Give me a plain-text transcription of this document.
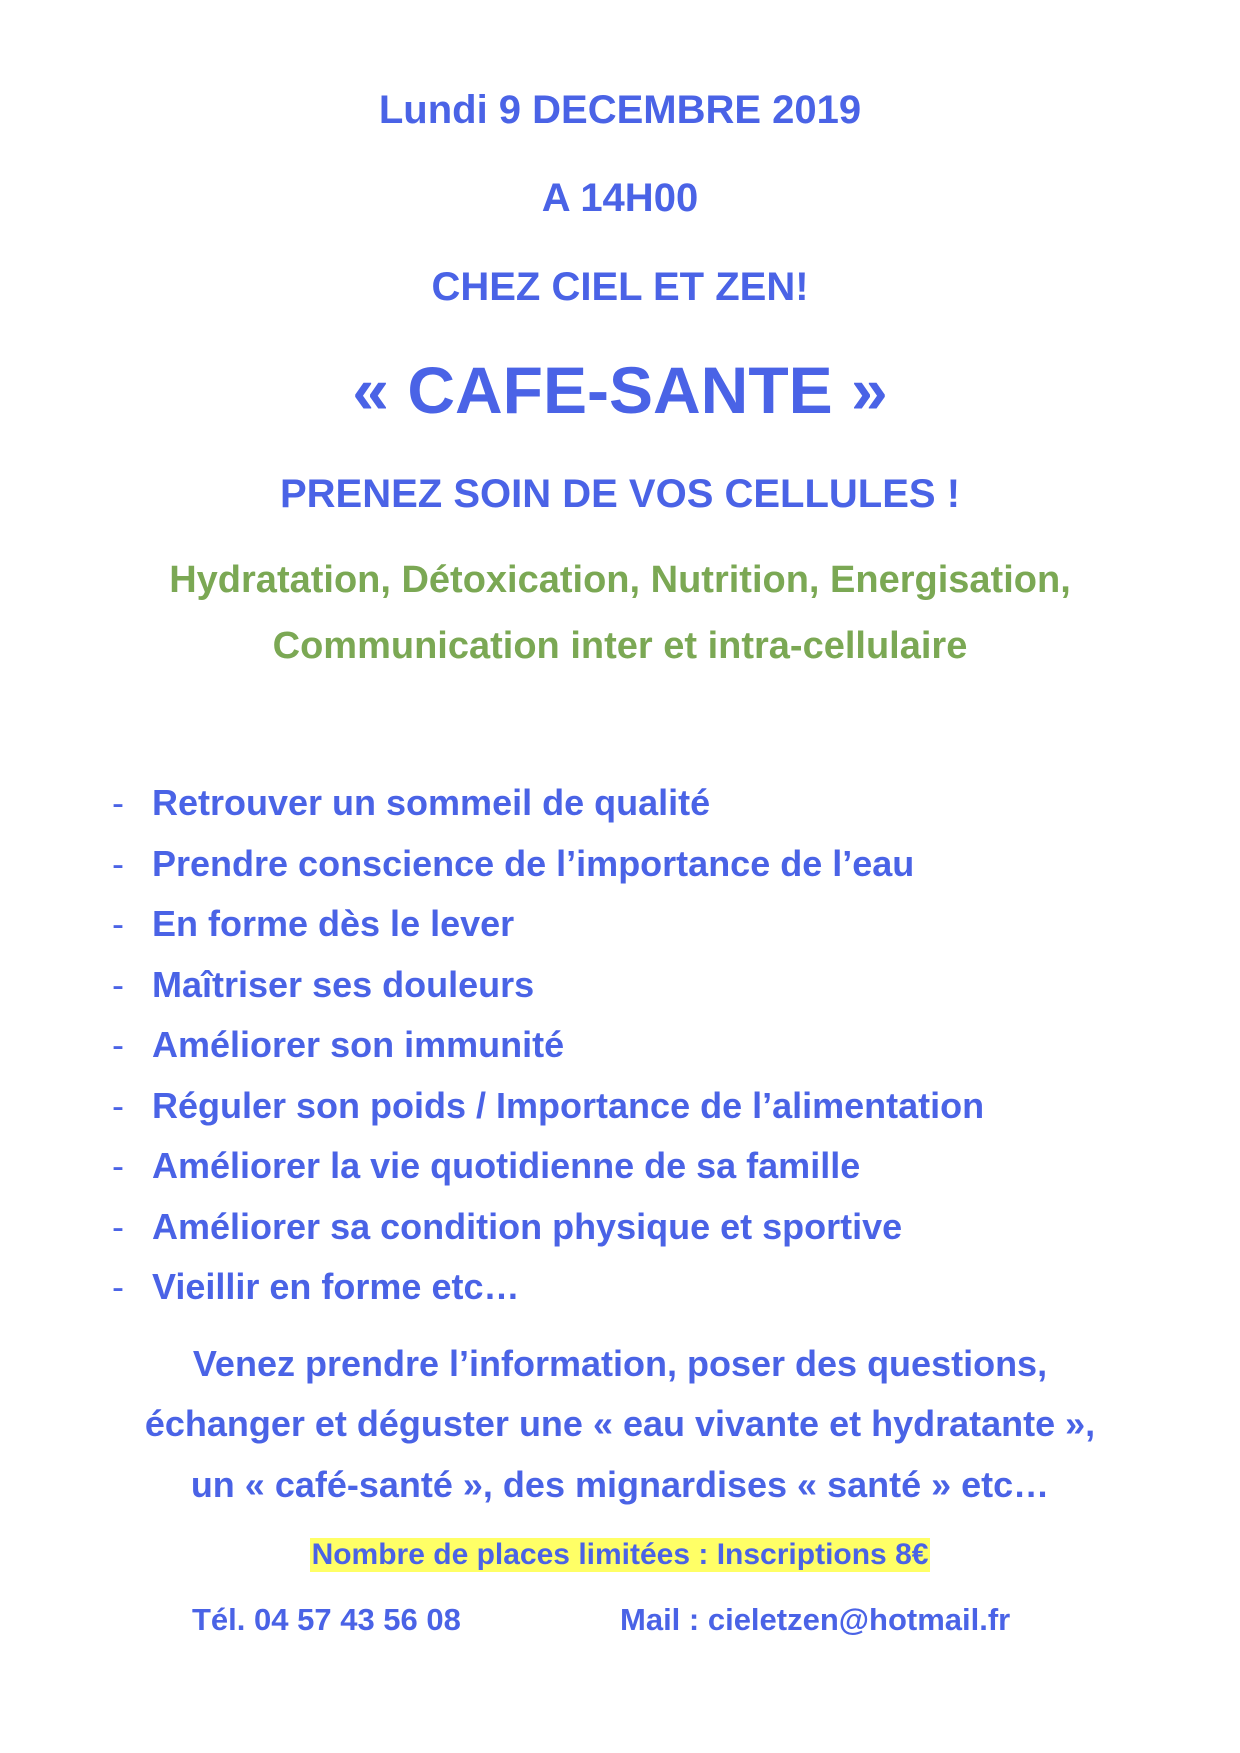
Lundi 9 DECEMBRE 2019

A 14H00

CHEZ CIEL ET ZEN!

« CAFE-SANTE »

PRENEZ SOIN DE VOS CELLULES !

Hydratation, Détoxication, Nutrition, Energisation,

Communication inter et intra-cellulaire

- Retrouver un sommeil de qualité
- Prendre conscience de l’importance de l’eau
- En forme dès le lever
- Maîtriser ses douleurs
- Améliorer son immunité
- Réguler son poids / Importance de l’alimentation
- Améliorer la vie quotidienne de sa famille
- Améliorer sa condition physique et sportive
- Vieillir en forme etc…

Venez prendre l’information, poser des questions,

échanger et déguster une « eau vivante et hydratante »,

un « café-santé », des mignardises « santé » etc…

Nombre de places limitées : Inscriptions 8€
Tél. 04 57 43 56 08	Mail : cieletzen@hotmail.fr
